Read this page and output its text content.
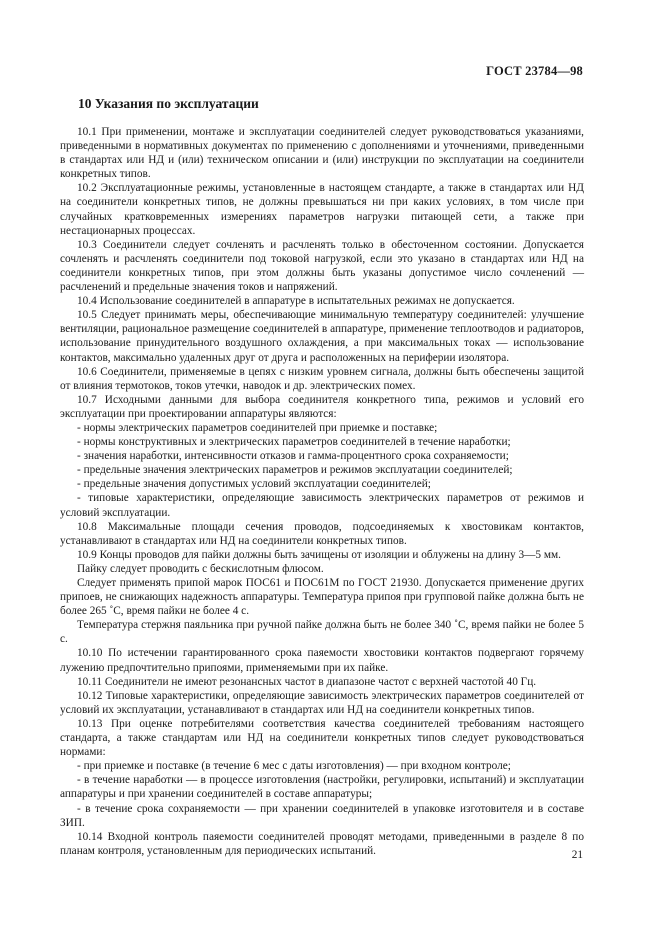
ГОСТ 23784—98
10 Указания по эксплуатации

10.1 При применении, монтаже и эксплуатации соединителей следует руководствоваться указаниями, приведенными в нормативных документах по применению с дополнениями и уточнениями, приведенными в стандартах или НД и (или) техническом описании и (или) инструкции по эксплуатации на соединители конкретных типов.

10.2 Эксплуатационные режимы, установленные в настоящем стандарте, а также в стандартах или НД на соединители конкретных типов, не должны превышаться ни при каких условиях, в том числе при случайных кратковременных измерениях параметров нагрузки питающей сети, а также при нестационарных процессах.

10.3 Соединители следует сочленять и расчленять только в обесточенном состоянии. Допускается сочленять и расчленять соединители под токовой нагрузкой, если это указано в стандартах или НД на соединители конкретных типов, при этом должны быть указаны допустимое число сочленений — расчленений и предельные значения токов и напряжений.

10.4 Использование соединителей в аппаратуре в испытательных режимах не допускается.

10.5 Следует принимать меры, обеспечивающие минимальную температуру соединителей: улучшение вентиляции, рациональное размещение соединителей в аппаратуре, применение теплоотводов и радиаторов, использование принудительного воздушного охлаждения, а при максимальных токах — использование контактов, максимально удаленных друг от друга и расположенных на периферии изолятора.

10.6 Соединители, применяемые в цепях с низким уровнем сигнала, должны быть обеспечены защитой от влияния термотоков, токов утечки, наводок и др. электрических помех.

10.7 Исходными данными для выбора соединителя конкретного типа, режимов и условий его эксплуатации при проектировании аппаратуры являются:

- нормы электрических параметров соединителей при приемке и поставке;

- нормы конструктивных и электрических параметров соединителей в течение наработки;

- значения наработки, интенсивности отказов и гамма-процентного срока сохраняемости;

- предельные значения электрических параметров и режимов эксплуатации соединителей;

- предельные значения допустимых условий эксплуатации соединителей;

- типовые характеристики, определяющие зависимость электрических параметров от режимов и условий эксплуатации.

10.8 Максимальные площади сечения проводов, подсоединяемых к хвостовикам контактов, устанавливают в стандартах или НД на соединители конкретных типов.

10.9 Концы проводов для пайки должны быть зачищены от изоляции и облужены на длину 3—5 мм.

Пайку следует проводить с бескислотным флюсом.

Следует применять припой марок ПОС61 и ПОС61М по ГОСТ 21930. Допускается применение других припоев, не снижающих надежность аппаратуры. Температура припоя при групповой пайке должна быть не более 265 ˚С, время пайки не более 4 с.

Температура стержня паяльника при ручной пайке должна быть не более 340 ˚С, время пайки не более 5 с.

10.10 По истечении гарантированного срока паяемости хвостовики контактов подвергают горячему лужению предпочтительно припоями, применяемыми при их пайке.

10.11 Соединители не имеют резонансных частот в диапазоне частот с верхней частотой 40 Гц.

10.12 Типовые характеристики, определяющие зависимость электрических параметров соединителей от условий их эксплуатации, устанавливают в стандартах или НД на соединители конкретных типов.

10.13 При оценке потребителями соответствия качества соединителей требованиям настоящего стандарта, а также стандартам или НД на соединители конкретных типов следует руководствоваться нормами:

- при приемке и поставке (в течение 6 мес с даты изготовления) — при входном контроле;

- в течение наработки — в процессе изготовления (настройки, регулировки, испытаний) и эксплуатации аппаратуры и при хранении соединителей в составе аппаратуры;

- в течение срока сохраняемости — при хранении соединителей в упаковке изготовителя и в составе ЗИП.

10.14 Входной контроль паяемости соединителей проводят методами, приведенными в разделе 8 по планам контроля, установленным для периодических испытаний.	21
